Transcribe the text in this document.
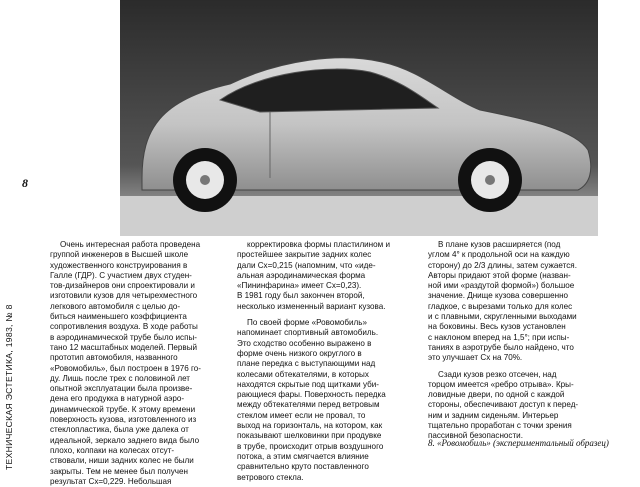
8
ТЕХНИЧЕСКАЯ ЭСТЕТИКА, 1983, № 8

Очень интересная работа проведена
группой инженеров в Высшей школе
художественного конструирования в
Галле (ГДР). С участием двух студен-
тов-дизайнеров они спроектировали и
изготовили кузов для четырехместного
легкового автомобиля с целью до-
биться наименьшего коэффициента
сопротивления воздуха. В ходе работы
в аэродинамической трубе было испы-
тано 12 масштабных моделей. Первый
прототип автомобиля, названного
«Ровомобиль», был построен в 1976 го-
ду. Лишь после трех с половиной лет
опытной эксплуатации была произве-
дена его продукка в натурной аэро-
динамической трубе. К этому времени
поверхность кузова, изготовленного из
стеклопластика, была уже далека от
идеальной, зеркало заднего вида было
плохо, колпаки на колесах отсут-
ствовали, ниши задних колес не были
закрыты. Тем не менее был получен
результат Cx=0,229. Небольшая

корректировка формы пластилином и
простейшее закрытие задних колес
дали Cx=0,215 (напомним, что «иде-
альная аэродинамическая форма
«Пининфарина» имеет Cx=0,23).
В 1981 году был закончен второй,
несколько измененный вариант кузова.

По своей форме «Ровомобиль»
напоминает спортивный автомобиль.
Это сходство особенно выражено в
форме очень низкого округлого в
плане передка с выступающими над
колесами обтекателями, в которых
находятся скрытые под щитками уби-
рающиеся фары. Поверхность передка
между обтекателями перед ветровым
стеклом имеет если не провал, то
выход на горизонталь, на котором, как
показывают шелковинки при продувке
в трубе, происходит отрыв воздушного
потока, а этим смягчается влияние
сравнительно круто поставленного
ветрового стекла.

В плане кузов расширяется (под
углом 4° к продольной оси на каждую
сторону) до 2/3 длины, затем сужается.
Авторы придают этой форме (назван-
ной ими «раздутой формой») большое
значение. Днище кузова совершенно
гладкое, с вырезами только для колес
и с плавными, скругленными выходами
на боковины. Весь кузов установлен
с наклоном вперед на 1,5°; при испы-
таниях в аэротрубе было найдено, что
это улучшает Cx на 70%.

Сзади кузов резко отсечен, над
торцом имеется «ребро отрыва». Кры-
ловидные двери, по одной с каждой
стороны, обеспечивают доступ к перед-
ним и задним сиденьям. Интерьер
тщательно проработан с точки зрения
пассивной безопасности.

8. «Ровомобиль» (экспериментальный образец)
